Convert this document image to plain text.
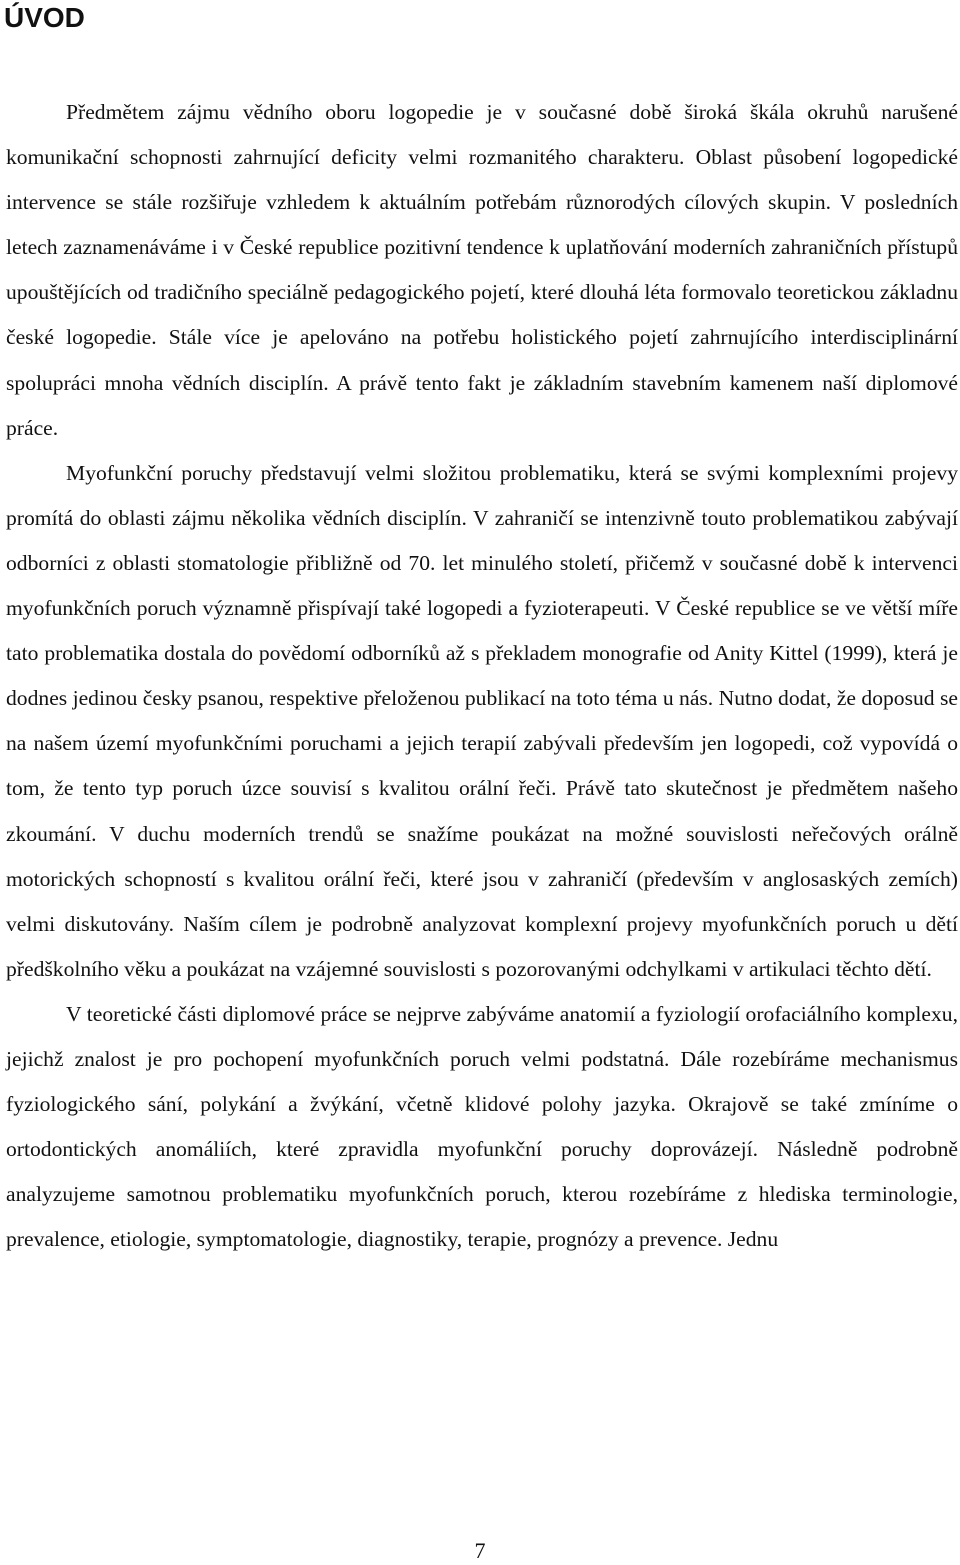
ÚVOD

Předmětem zájmu vědního oboru logopedie je v současné době široká škála okruhů narušené komunikační schopnosti zahrnující deficity velmi rozmanitého charakteru. Oblast působení logopedické intervence se stále rozšiřuje vzhledem k aktuálním potřebám různorodých cílových skupin. V posledních letech zaznamenáváme i v České republice pozitivní tendence k uplatňování moderních zahraničních přístupů upouštějících od tradičního speciálně pedagogického pojetí, které dlouhá léta formovalo teoretickou základnu české logopedie. Stále více je apelováno na potřebu holistického pojetí zahrnujícího interdisciplinární spolupráci mnoha vědních disciplín. A právě tento fakt je základním stavebním kamenem naší diplomové práce.

Myofunkční poruchy představují velmi složitou problematiku, která se svými komplexními projevy promítá do oblasti zájmu několika vědních disciplín. V zahraničí se intenzivně touto problematikou zabývají odborníci z oblasti stomatologie přibližně od 70. let minulého století, přičemž v současné době k intervenci myofunkčních poruch významně přispívají také logopedi a fyzioterapeuti. V České republice se ve větší míře tato problematika dostala do povědomí odborníků až s překladem monografie od Anity Kittel (1999), která je dodnes jedinou česky psanou, respektive přeloženou publikací na toto téma u nás. Nutno dodat, že doposud se na našem území myofunkčními poruchami a jejich terapií zabývali především jen logopedi, což vypovídá o tom, že tento typ poruch úzce souvisí s kvalitou orální řeči. Právě tato skutečnost je předmětem našeho zkoumání. V duchu moderních trendů se snažíme poukázat na možné souvislosti neřečových orálně motorických schopností s kvalitou orální řeči, které jsou v zahraničí (především v anglosaských zemích) velmi diskutovány. Naším cílem je podrobně analyzovat komplexní projevy myofunkčních poruch u dětí předškolního věku a poukázat na vzájemné souvislosti s pozorovanými odchylkami v artikulaci těchto dětí.

V teoretické části diplomové práce se nejprve zabýváme anatomií a fyziologií orofaciálního komplexu, jejichž znalost je pro pochopení myofunkčních poruch velmi podstatná. Dále rozebíráme mechanismus fyziologického sání, polykání a žvýkání, včetně klidové polohy jazyka. Okrajově se také zmíníme o ortodontických anomáliích, které zpravidla myofunkční poruchy doprovázejí. Následně podrobně analyzujeme samotnou problematiku myofunkčních poruch, kterou rozebíráme z hlediska terminologie, prevalence, etiologie, symptomatologie, diagnostiky, terapie, prognózy a prevence. Jednu

7
